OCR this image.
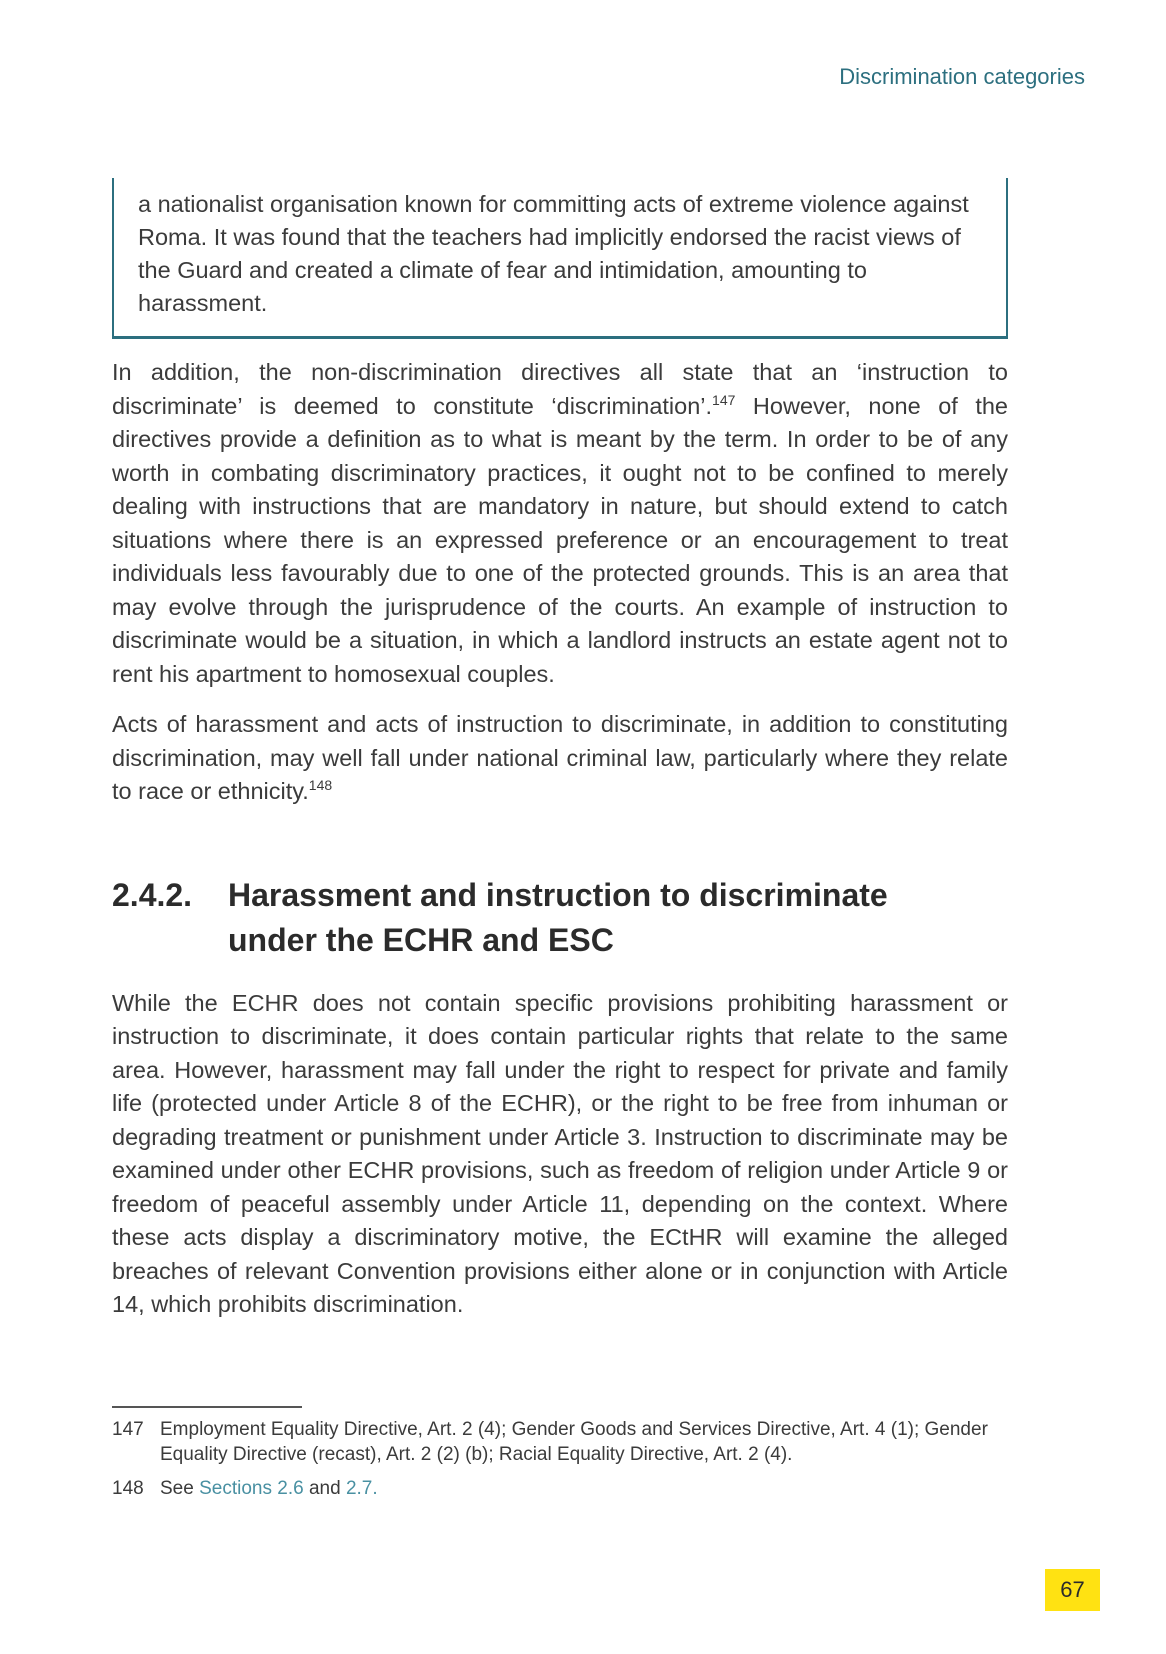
Discrimination categories
a nationalist organisation known for committing acts of extreme violence against Roma. It was found that the teachers had implicitly endorsed the racist views of the Guard and created a climate of fear and intimidation, amounting to harassment.

In addition, the non-discrimination directives all state that an ‘instruction to discriminate’ is deemed to constitute ‘discrimination’.$^{147}$ However, none of the directives provide a definition as to what is meant by the term. In order to be of any worth in combating discriminatory practices, it ought not to be confined to merely dealing with instructions that are mandatory in nature, but should extend to catch situations where there is an expressed preference or an encouragement to treat individuals less favourably due to one of the protected grounds. This is an area that may evolve through the jurisprudence of the courts. An example of instruction to discriminate would be a situation, in which a landlord instructs an estate agent not to rent his apartment to homosexual couples.

Acts of harassment and acts of instruction to discriminate, in addition to constituting discrimination, may well fall under national criminal law, particularly where they relate to race or ethnicity.$^{148}$

2.4.2.	Harassment and instruction to discriminate
under the ECHR and ESC

While the ECHR does not contain specific provisions prohibiting harassment or instruction to discriminate, it does contain particular rights that relate to the same area. However, harassment may fall under the right to respect for private and family life (protected under Article 8 of the ECHR), or the right to be free from inhuman or degrading treatment or punishment under Article 3. Instruction to discriminate may be examined under other ECHR provisions, such as freedom of religion under Article 9 or freedom of peaceful assembly under Article 11, depending on the context. Where these acts display a discriminatory motive, the ECtHR will examine the alleged breaches of relevant Convention provisions either alone or in conjunction with Article 14, which prohibits discrimination.

147 Employment Equality Directive, Art. 2 (4); Gender Goods and Services Directive, Art. 4 (1); Gender Equality Directive (recast), Art. 2 (2) (b); Racial Equality Directive, Art. 2 (4).
148 See Sections 2.6 and 2.7.
67
